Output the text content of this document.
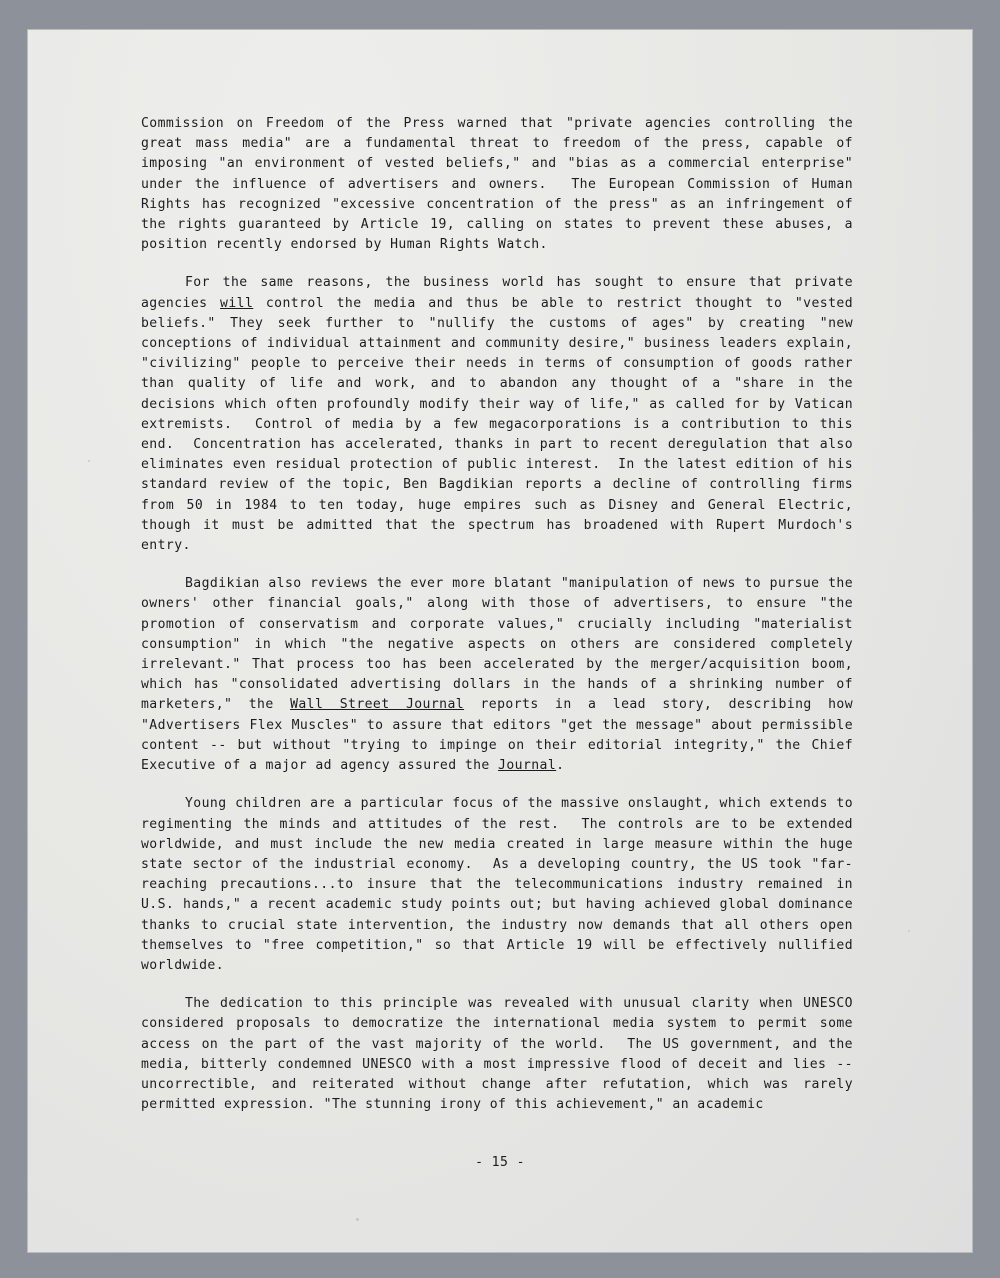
Commission on Freedom of the Press warned that "private agencies controlling the great mass media" are a fundamental threat to freedom of the press, capable of imposing "an environment of vested beliefs," and "bias as a commercial enterprise" under the influence of advertisers and owners.  The European Commission of Human Rights has recognized "excessive concentration of the press" as an infringement of the rights guaranteed by Article 19, calling on states to prevent these abuses, a position recently endorsed by Human Rights Watch.

For the same reasons, the business world has sought to ensure that private agencies will control the media and thus be able to restrict thought to "vested beliefs." They seek further to "nullify the customs of ages" by creating "new conceptions of individual attainment and community desire," business leaders explain, "civilizing" people to perceive their needs in terms of consumption of goods rather than quality of life and work, and to abandon any thought of a "share in the decisions which often profoundly modify their way of life," as called for by Vatican extremists.  Control of media by a few megacorporations is a contribution to this end.  Concentration has accelerated, thanks in part to recent deregulation that also eliminates even residual protection of public interest.  In the latest edition of his standard review of the topic, Ben Bagdikian reports a decline of controlling firms from 50 in 1984 to ten today, huge empires such as Disney and General Electric, though it must be admitted that the spectrum has broadened with Rupert Murdoch's entry.

Bagdikian also reviews the ever more blatant "manipulation of news to pursue the owners' other financial goals," along with those of advertisers, to ensure "the promotion of conservatism and corporate values," crucially including "materialist consumption" in which "the negative aspects on others are considered completely irrelevant." That process too has been accelerated by the merger/acquisition boom, which has "consolidated advertising dollars in the hands of a shrinking number of marketers," the Wall Street Journal reports in a lead story, describing how "Advertisers Flex Muscles" to assure that editors "get the message" about permissible content -- but without "trying to impinge on their editorial integrity," the Chief Executive of a major ad agency assured the Journal.

Young children are a particular focus of the massive onslaught, which extends to regimenting the minds and attitudes of the rest.  The controls are to be extended worldwide, and must include the new media created in large measure within the huge state sector of the industrial economy.  As a developing country, the US took "far-reaching precautions...to insure that the telecommunications industry remained in U.S. hands," a recent academic study points out; but having achieved global dominance thanks to crucial state intervention, the industry now demands that all others open themselves to "free competition," so that Article 19 will be effectively nullified worldwide.

The dedication to this principle was revealed with unusual clarity when UNESCO considered proposals to democratize the international media system to permit some access on the part of the vast majority of the world.  The US government, and the media, bitterly condemned UNESCO with a most impressive flood of deceit and lies -- uncorrectible, and reiterated without change after refutation, which was rarely permitted expression. "The stunning irony of this achievement," an academic

- 15 -
